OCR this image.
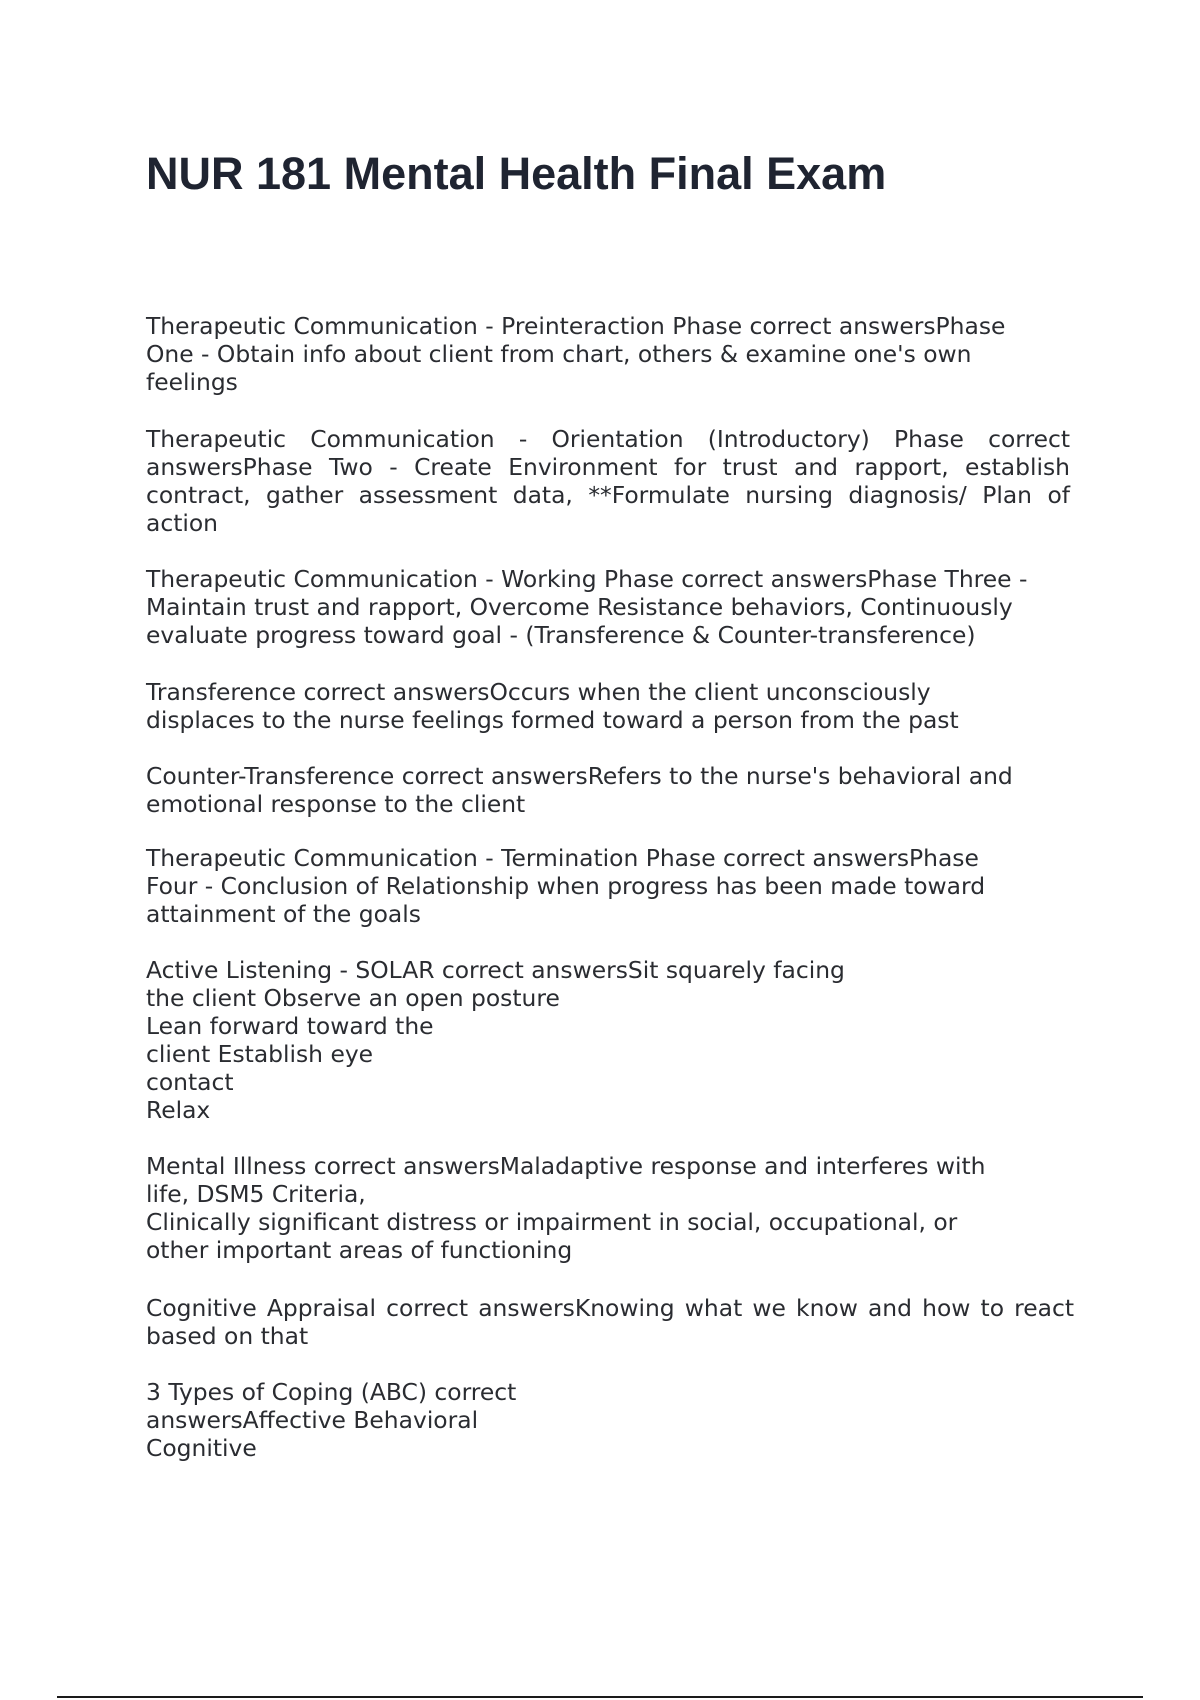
NUR 181 Mental Health Final Exam
Therapeutic Communication - Preinteraction Phase correct answersPhase
One - Obtain info about client from chart, others & examine one's own
feelings
Therapeutic Communication - Orientation (Introductory) Phase correct answersPhase Two - Create Environment for trust and rapport, establish contract, gather assessment data, **Formulate nursing diagnosis/ Plan of action
Therapeutic Communication - Working Phase correct answersPhase Three -
Maintain trust and rapport, Overcome Resistance behaviors, Continuously
evaluate progress toward goal - (Transference & Counter-transference)
Transference correct answersOccurs when the client unconsciously
displaces to the nurse feelings formed toward a person from the past
Counter-Transference correct answersRefers to the nurse's behavioral and
emotional response to the client
Therapeutic Communication - Termination Phase correct answersPhase
Four - Conclusion of Relationship when progress has been made toward
attainment of the goals
Active Listening - SOLAR correct answersSit squarely facing
the client Observe an open posture
Lean forward toward the
client Establish eye
contact
Relax
Mental Illness correct answersMaladaptive response and interferes with
life, DSM5 Criteria,
Clinically significant distress or impairment in social, occupational, or
other important areas of functioning
Cognitive Appraisal correct answersKnowing what we know and how to react based on that
3 Types of Coping (ABC) correct
answersAffective Behavioral
Cognitive
